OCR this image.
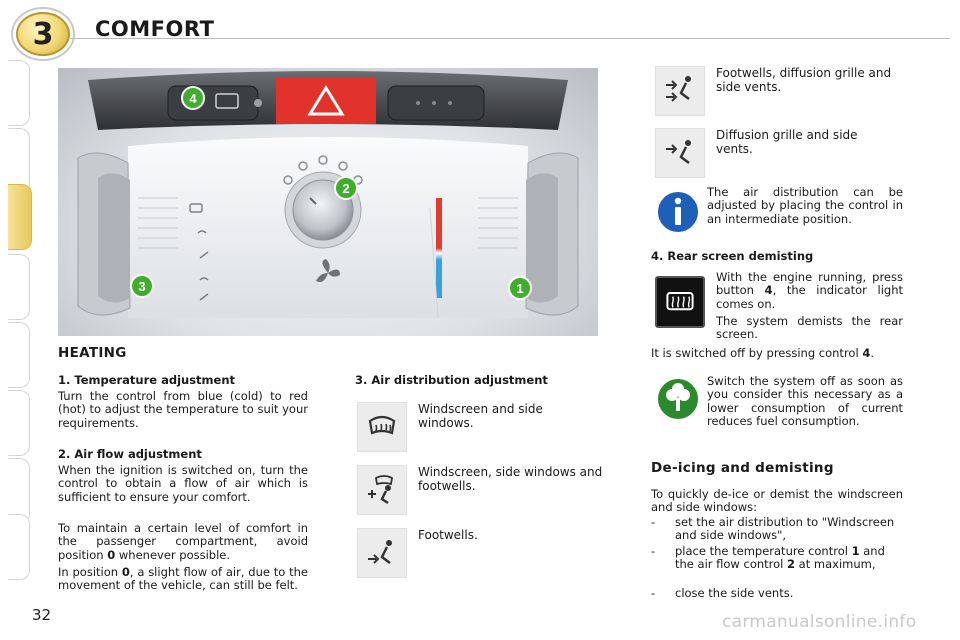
3 COMFORT
4
2
3	1
HEATING
1. Temperature adjustment
Turn the control from blue (cold) to red (hot) to adjust the temperature to suit your requirements.
2. Air flow adjustment
When the ignition is switched on, turn the control to obtain a flow of air which is sufficient to ensure your comfort.
To maintain a certain level of comfort in the passenger compartment, avoid position 0 whenever possible.
In position 0, a slight flow of air, due to the movement of the vehicle, can still be felt.
3. Air distribution adjustment
Windscreen and side windows.
Windscreen, side windows and footwells.
Footwells.
Footwells, diffusion grille and side vents.
Diffusion grille and side vents.
The air distribution can be adjusted by placing the control in an intermediate position.
4. Rear screen demisting
With the engine running, press button 4, the indicator light comes on.
The system demists the rear screen.
It is switched off by pressing control 4.
Switch the system off as soon as you consider this necessary as a lower consumption of current reduces fuel consumption.
De-icing and demisting
To quickly de-ice or demist the windscreen and side windows:
- set the air distribution to "Windscreen and side windows",
- place the temperature control 1 and the air flow control 2 at maximum,
- close the side vents.
32	carmanualsonline.info
